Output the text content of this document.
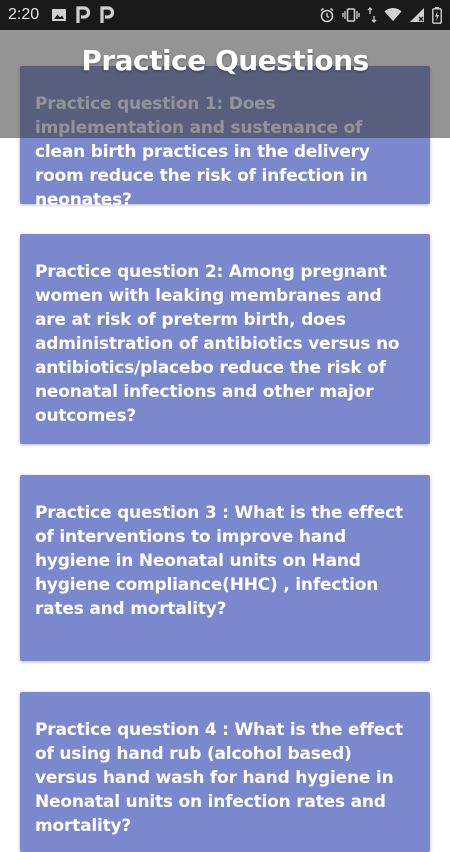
2:20
clean birth practices in the delivery room reduce the risk of infection in neonates?
Practice question 2: Among pregnant women with leaking membranes and are at risk of preterm birth, does administration of antibiotics versus no antibiotics/placebo reduce the risk of neonatal infections and other major outcomes?
Practice question 3 : What is the effect of interventions to improve hand hygiene in Neonatal units on Hand hygiene compliance(HHC) , infection rates and mortality?
Practice question 4 : What is the effect of using hand rub (alcohol based) versus hand wash for hand hygiene in Neonatal units on infection rates and mortality?
Practice Questions
